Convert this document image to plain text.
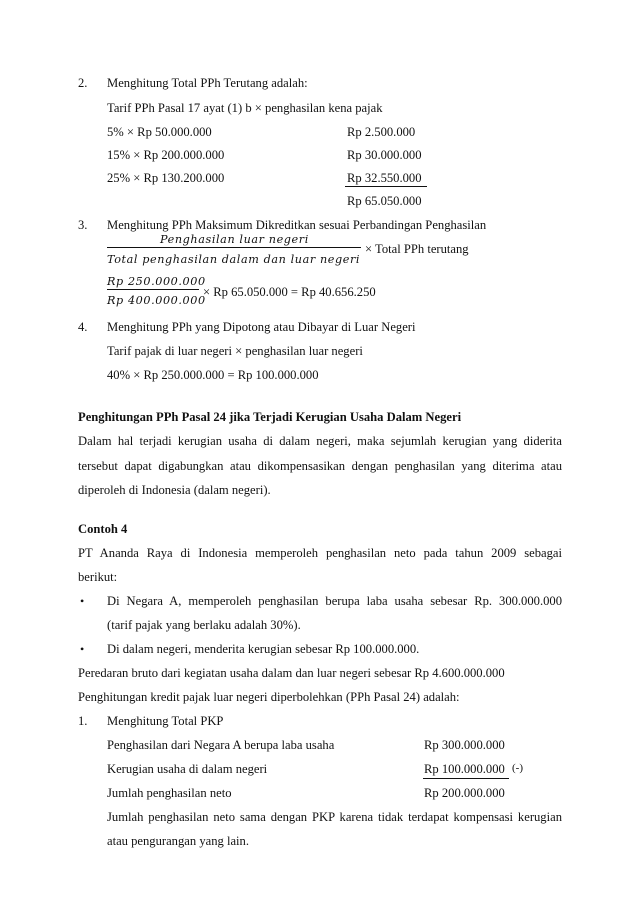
2. Menghitung Total PPh Terutang adalah:
Tarif PPh Pasal 17 ayat (1) b × penghasilan kena pajak
5% × Rp 50.000.000	Rp 2.500.000
15% × Rp 200.000.000	Rp 30.000.000
25% × Rp 130.200.000	Rp 32.550.000
Rp 65.050.000
3. Menghitung PPh Maksimum Dikreditkan sesuai Perbandingan Penghasilan
Penghasilan luar negeri
Total penghasilan dalam dan luar negeri
× Total PPh terutang
Rp 250.000.000
Rp 400.000.000
× Rp 65.050.000 = Rp 40.656.250
4. Menghitung PPh yang Dipotong atau Dibayar di Luar Negeri
Tarif pajak di luar negeri × penghasilan luar negeri
40% × Rp 250.000.000 = Rp 100.000.000
Penghitungan PPh Pasal 24 jika Terjadi Kerugian Usaha Dalam Negeri
Dalam hal terjadi kerugian usaha di dalam negeri, maka sejumlah kerugian yang diderita
tersebut dapat digabungkan atau dikompensasikan dengan penghasilan yang diterima atau
diperoleh di Indonesia (dalam negeri).
Contoh 4
PT Ananda Raya di Indonesia memperoleh penghasilan neto pada tahun 2009 sebagai
berikut:
• Di Negara A, memperoleh penghasilan berupa laba usaha sebesar Rp. 300.000.000
(tarif pajak yang berlaku adalah 30%).
• Di dalam negeri, menderita kerugian sebesar Rp 100.000.000.
Peredaran bruto dari kegiatan usaha dalam dan luar negeri sebesar Rp 4.600.000.000
Penghitungan kredit pajak luar negeri diperbolehkan (PPh Pasal 24) adalah:
1. Menghitung Total PKP
Penghasilan dari Negara A berupa laba usaha	Rp 300.000.000
Kerugian usaha di dalam negeri	Rp 100.000.000 (-)
Jumlah penghasilan neto	Rp 200.000.000
Jumlah penghasilan neto sama dengan PKP karena tidak terdapat kompensasi kerugian
atau pengurangan yang lain.
